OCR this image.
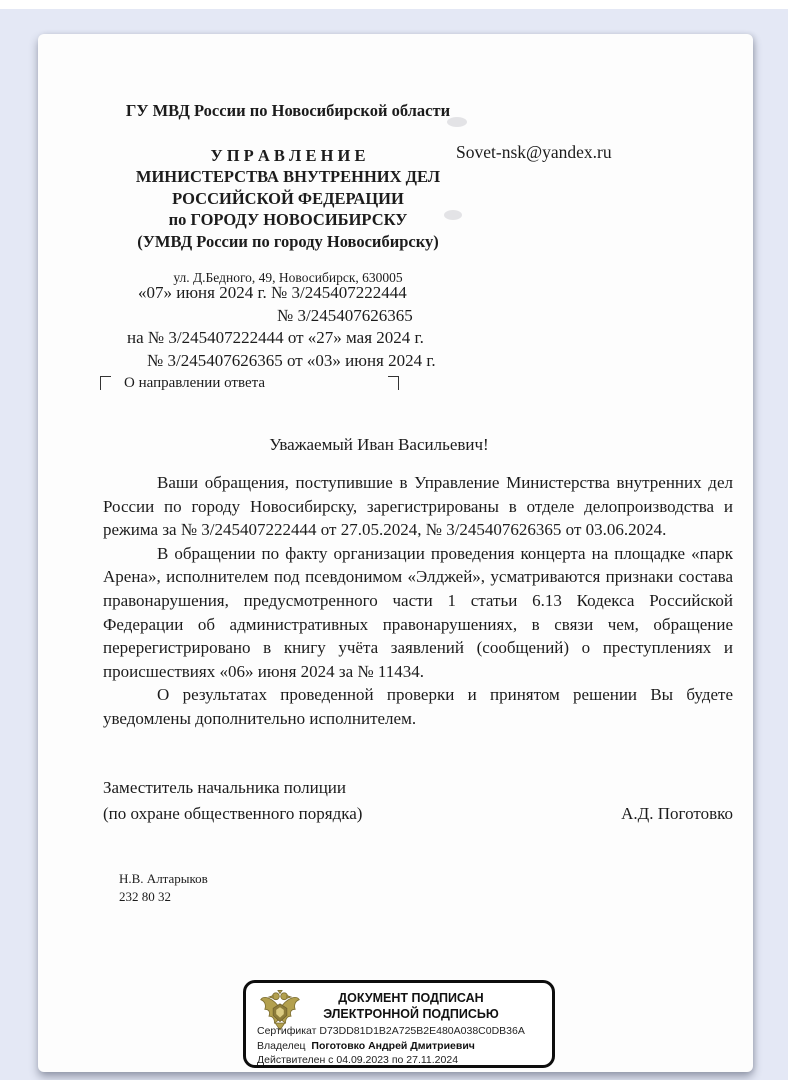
ГУ МВД России по Новосибирской области
У П Р А В Л Е Н И Е
МИНИСТЕРСТВА ВНУТРЕННИХ ДЕЛ
РОССИЙСКОЙ ФЕДЕРАЦИИ
по ГОРОДУ НОВОСИБИРСКУ
(УМВД России по городу Новосибирску)
ул. Д.Бедного, 49, Новосибирск, 630005
Sovet-nsk@yandex.ru
«07» июня 2024 г. № 3/245407222444
№ 3/245407626365
на № 3/245407222444 от «27» мая 2024 г.
№ 3/245407626365 от «03» июня 2024 г.
О направлении ответа
Уважаемый Иван Васильевич!

Ваши обращения, поступившие в Управление Министерства внутренних дел России по городу Новосибирску, зарегистрированы в отделе делопроизводства и режима за № 3/245407222444 от 27.05.2024, № 3/245407626365 от 03.06.2024.

В обращении по факту организации проведения концерта на площадке «парк Арена», исполнителем под псевдонимом «Элджей», усматриваются признаки состава правонарушения, предусмотренного части 1 статьи 6.13 Кодекса Российской Федерации об административных правонарушениях, в связи чем, обращение перерегистрировано в книгу учёта заявлений (сообщений) о преступлениях и происшествиях «06» июня 2024 за № 11434.

О результатах проведенной проверки и принятом решении Вы будете уведомлены дополнительно исполнителем.

Заместитель начальника полиции
(по охране общественного порядка)	А.Д. Поготовко
Н.В. Алтарыков
232 80 32
ДОКУМЕНТ ПОДПИСАН
ЭЛЕКТРОННОЙ ПОДПИСЬЮ
Сертификат D73DD81D1B2A725B2E480A038C0DB36A
Владелец Поготовко Андрей Дмитриевич
Действителен с 04.09.2023 по 27.11.2024
